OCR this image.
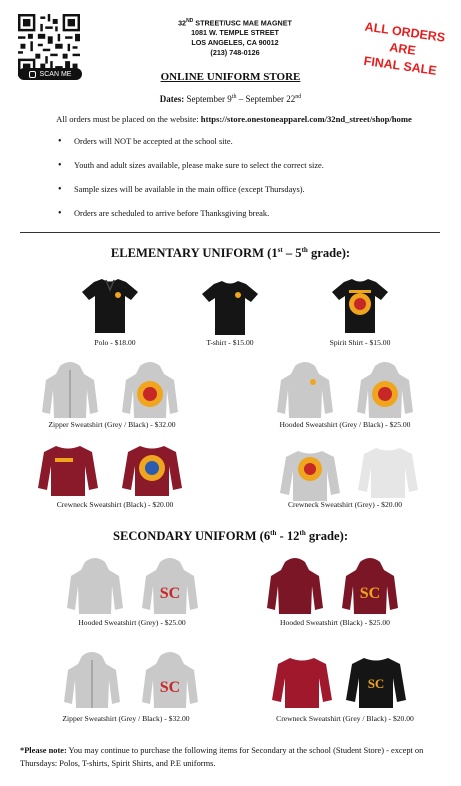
SCAN ME
32ND STREET/USC MAE MAGNET
1081 W. TEMPLE STREET
LOS ANGELES, CA 90012
(213) 748-0126
ALL ORDERS
ARE
FINAL SALE
ONLINE UNIFORM STORE
Dates: September 9th – September 22nd
All orders must be placed on the website: https://store.onestoneapparel.com/32nd_street/shop/home
• Orders will NOT be accepted at the school site.
• Youth and adult sizes available, please make sure to select the correct size.
• Sample sizes will be available in the main office (except Thursdays).
• Orders are scheduled to arrive before Thanksgiving break.
ELEMENTARY UNIFORM (1st – 5th grade):
Polo - $18.00	T-shirt - $15.00	Spirit Shirt - $15.00
Zipper Sweatshirt (Grey / Black) - $32.00	Hooded Sweatshirt (Grey / Black) - $25.00
Crewneck Sweatshirt (Black) - $20.00	Crewneck Sweatshirt (Grey) - $20.00
SECONDARY UNIFORM (6th - 12th grade):
SC	SC
Hooded Sweatshirt (Grey) - $25.00	Hooded Sweatshirt (Black) - $25.00
SC	SC
Zipper Sweatshirt (Grey / Black) - $32.00	Crewneck Sweatshirt (Grey / Black) - $20.00
*Please note: You may continue to purchase the following items for Secondary at the school (Student Store) - except on Thursdays: Polos, T-shirts, Spirit Shirts, and P.E uniforms.
